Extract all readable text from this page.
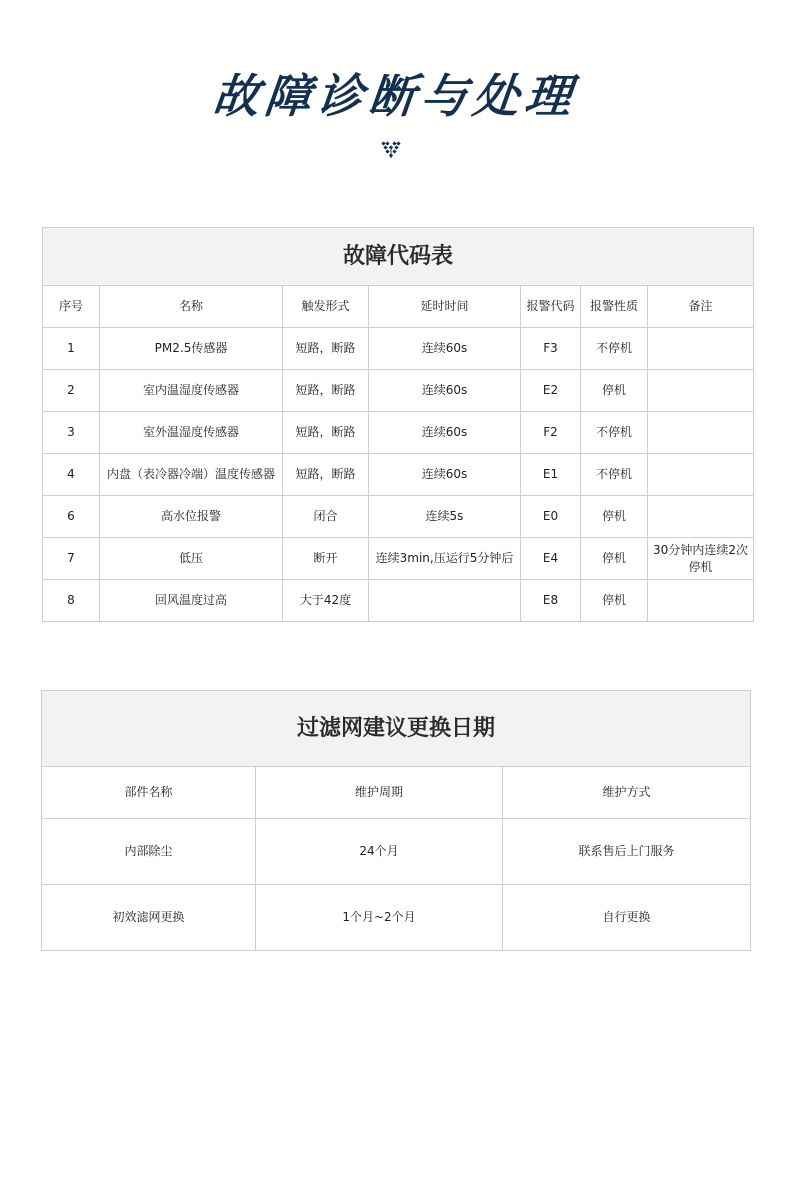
故障诊断与处理
故障代码表						
序号	名称	触发形式	延时时间	报警代码	报警性质	备注
1	PM2.5传感器	短路，断路	连续60s	F3	不停机	
2	室内温湿度传感器	短路，断路	连续60s	E2	停机	
3	室外温湿度传感器	短路，断路	连续60s	F2	不停机	
4	内盘（表冷器冷端）温度传感器	短路，断路	连续60s	E1	不停机	
6	高水位报警	闭合	连续5s	E0	停机	
7	低压	断开	连续3min,压运行5分钟后	E4	停机	30分钟内连续2次停机
8	回风温度过高	大于42度		E8	停机	
过滤网建议更换日期		
部件名称	维护周期	维护方式
内部除尘	24个月	联系售后上门服务
初效滤网更换	1个月~2个月	自行更换
